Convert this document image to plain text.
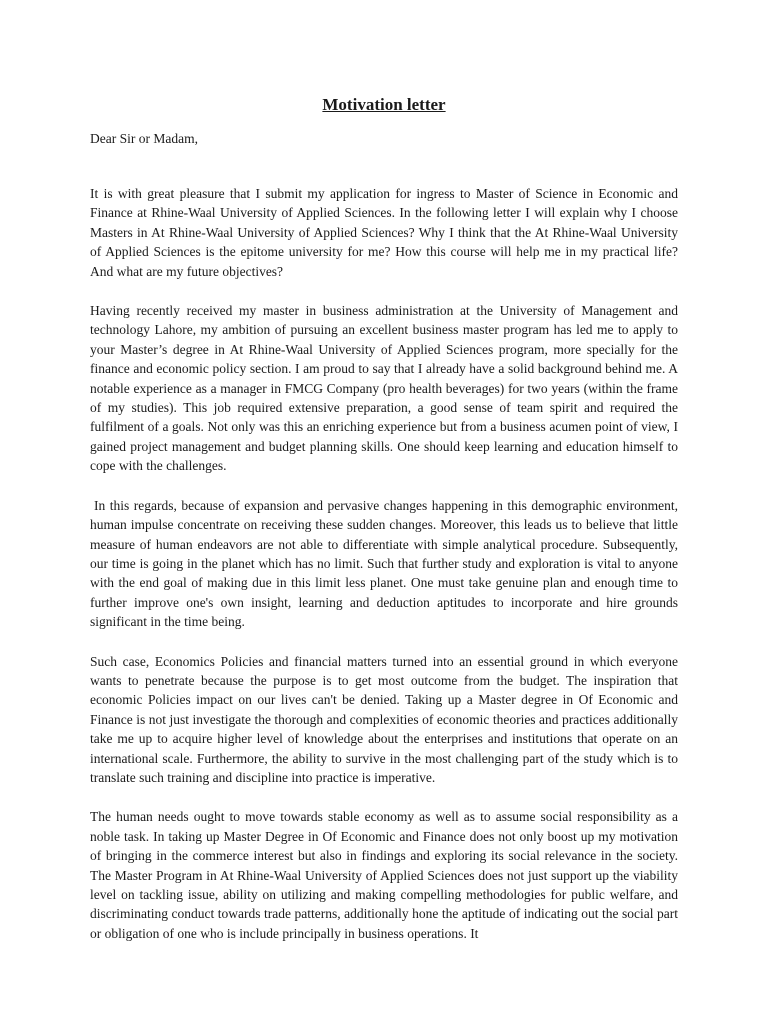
Motivation letter
Dear Sir or Madam,

It is with great pleasure that I submit my application for ingress to Master of Science in Economic and Finance at Rhine-Waal University of Applied Sciences. In the following letter I will explain why I choose Masters in At Rhine-Waal University of Applied Sciences? Why I think that the At Rhine-Waal University of Applied Sciences is the epitome university for me? How this course will help me in my practical life? And what are my future objectives?

Having recently received my master in business administration at the University of Management and technology Lahore, my ambition of pursuing an excellent business master program has led me to apply to your Master’s degree in At Rhine-Waal University of Applied Sciences program, more specially for the finance and economic policy section. I am proud to say that I already have a solid background behind me. A notable experience as a manager in FMCG Company (pro health beverages) for two years (within the frame of my studies). This job required extensive preparation, a good sense of team spirit and required the fulfilment of a goals. Not only was this an enriching experience but from a business acumen point of view, I gained project management and budget planning skills. One should keep learning and education himself to cope with the challenges.

In this regards, because of expansion and pervasive changes happening in this demographic environment, human impulse concentrate on receiving these sudden changes. Moreover, this leads us to believe that little measure of human endeavors are not able to differentiate with simple analytical procedure. Subsequently, our time is going in the planet which has no limit. Such that further study and exploration is vital to anyone with the end goal of making due in this limit less planet. One must take genuine plan and enough time to further improve one's own insight, learning and deduction aptitudes to incorporate and hire grounds significant in the time being.

Such case, Economics Policies and financial matters turned into an essential ground in which everyone wants to penetrate because the purpose is to get most outcome from the budget. The inspiration that economic Policies impact on our lives can't be denied. Taking up a Master degree in Of Economic and Finance is not just investigate the thorough and complexities of economic theories and practices additionally take me up to acquire higher level of knowledge about the enterprises and institutions that operate on an international scale. Furthermore, the ability to survive in the most challenging part of the study which is to translate such training and discipline into practice is imperative.

The human needs ought to move towards stable economy as well as to assume social responsibility as a noble task. In taking up Master Degree in Of Economic and Finance does not only boost up my motivation of bringing in the commerce interest but also in findings and exploring its social relevance in the society. The Master Program in At Rhine-Waal University of Applied Sciences does not just support up the viability level on tackling issue, ability on utilizing and making compelling methodologies for public welfare, and discriminating conduct towards trade patterns, additionally hone the aptitude of indicating out the social part or obligation of one who is include principally in business operations. It
